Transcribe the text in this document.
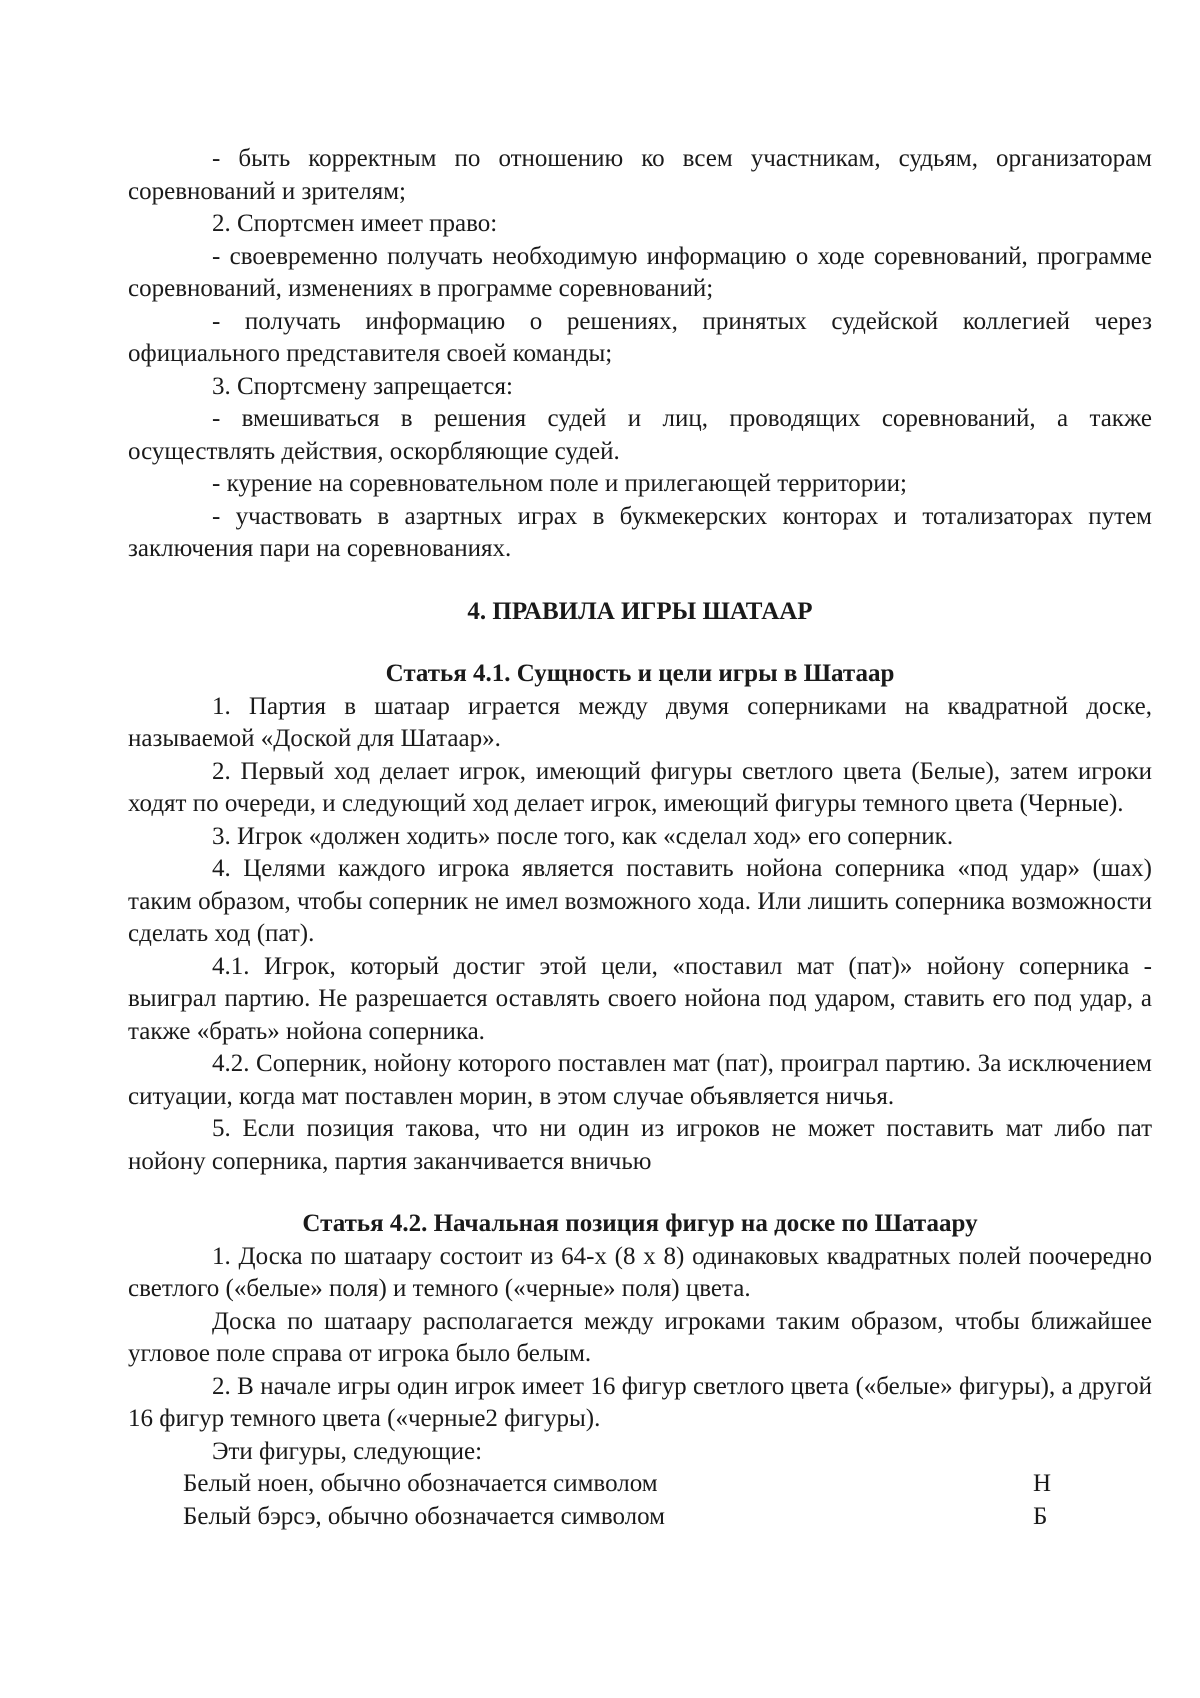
- быть корректным по отношению ко всем участникам, судьям, организаторам соревнований и зрителям;

2. Спортсмен имеет право:

- своевременно получать необходимую информацию о ходе соревнований, программе соревнований, изменениях в программе соревнований;

- получать информацию о решениях, принятых судейской коллегией через официального представителя своей команды;

3. Спортсмену запрещается:

- вмешиваться в решения судей и лиц, проводящих соревнований, а также осуществлять действия, оскорбляющие судей.

- курение на соревновательном поле и прилегающей территории;

- участвовать в азартных играх в букмекерских конторах и тотализаторах путем заключения пари на соревнованиях.

4. ПРАВИЛА ИГРЫ ШАТААР

Статья 4.1. Сущность и цели игры в Шатаар

1. Партия в шатаар играется между двумя соперниками на квадратной доске, называемой «Доской для Шатаар».

2. Первый ход делает игрок, имеющий фигуры светлого цвета (Белые), затем игроки ходят по очереди, и следующий ход делает игрок, имеющий фигуры темного цвета (Черные).

3. Игрок «должен ходить» после того, как «сделал ход» его соперник.

4. Целями каждого игрока является поставить нойона соперника «под удар» (шах) таким образом, чтобы соперник не имел возможного хода. Или лишить соперника возможности сделать ход (пат).

4.1. Игрок, который достиг этой цели, «поставил мат (пат)» нойону соперника - выиграл партию. Не разрешается оставлять своего нойона под ударом, ставить его под удар, а также «брать» нойона соперника.

4.2. Соперник, нойону которого поставлен мат (пат), проиграл партию. За исключением ситуации, когда мат поставлен морин, в этом случае объявляется ничья.

5. Если позиция такова, что ни один из игроков не может поставить мат либо пат нойону соперника, партия заканчивается вничью

Статья 4.2. Начальная позиция фигур на доске по Шатаару

1. Доска по шатаару состоит из 64-х (8 x 8) одинаковых квадратных полей поочередно светлого («белые» поля) и темного («черные» поля) цвета.

Доска по шатаару располагается между игроками таким образом, чтобы ближайшее угловое поле справа от игрока было белым.

2. В начале игры один игрок имеет 16 фигур светлого цвета («белые» фигуры), а другой 16 фигур темного цвета («черные2 фигуры).

Эти фигуры, следующие:

Белый ноен, обычно обозначается символом	Н
Белый бэрсэ, обычно обозначается символом	Б
